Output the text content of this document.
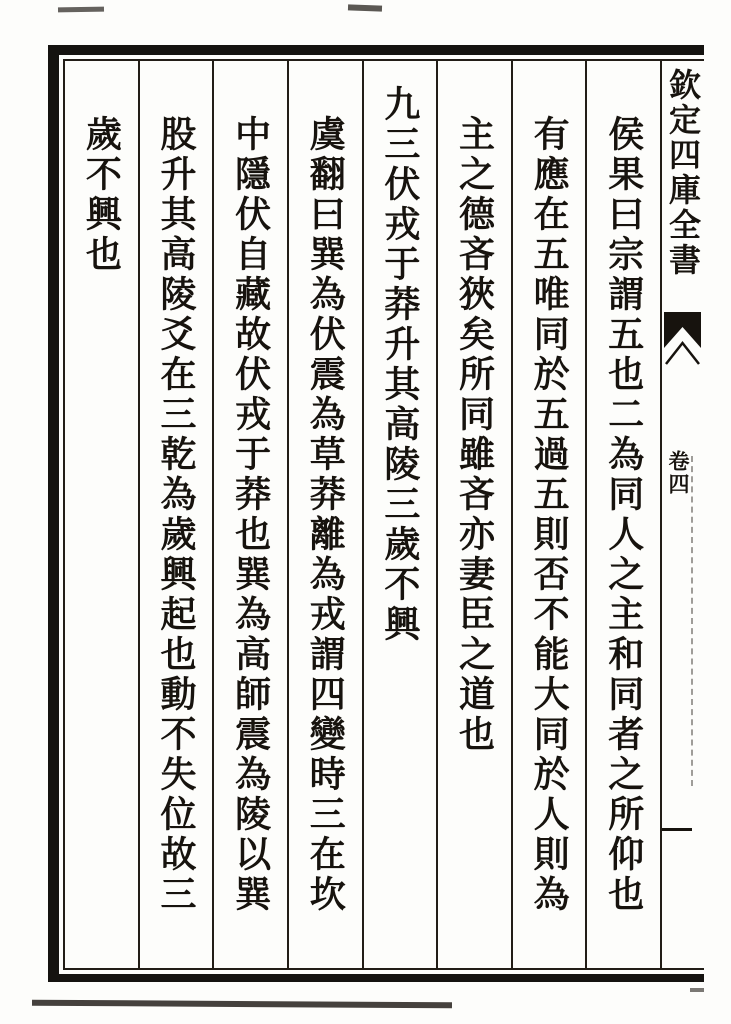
欽定四庫全書
卷四
侯果曰宗謂五也二為同人之主和同者之所仰也
有應在五唯同於五過五則否不能大同於人則為
主之德吝狹矣所同雖吝亦妻臣之道也
九三伏戎于莽升其高陵三歲不興
虞翻曰巽為伏震為草莽離為戎謂四變時三在坎
中隱伏自藏故伏戎于莽也巽為高師震為陵以巽
股升其高陵爻在三乾為歲興起也動不失位故三
歲不興也
